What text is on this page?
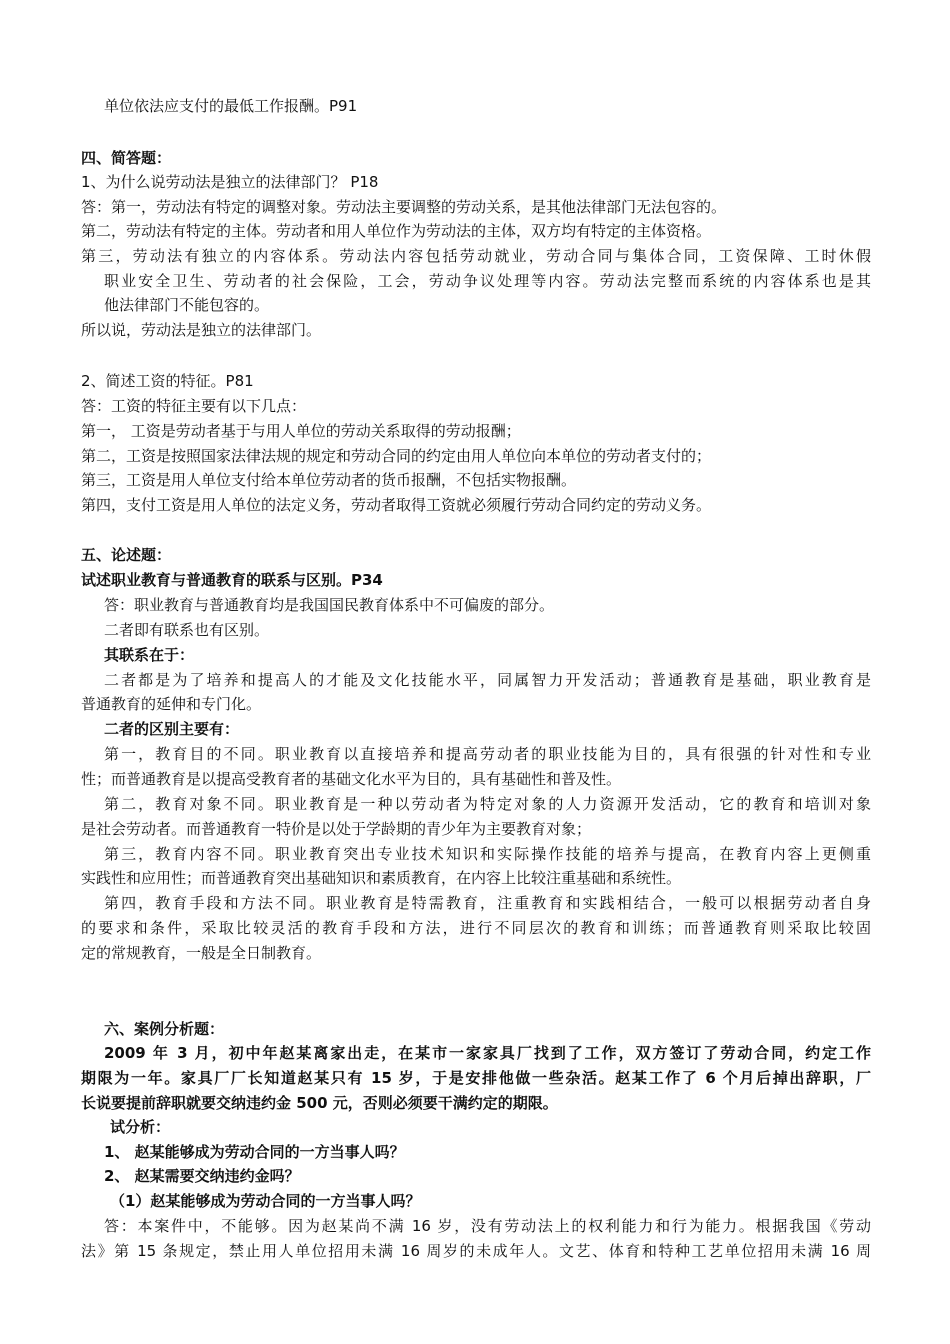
单位依法应支付的最低工作报酬。P91
四、简答题：
1、为什么说劳动法是独立的法律部门？ P18
答：第一，劳动法有特定的调整对象。劳动法主要调整的劳动关系，是其他法律部门无法包容的。
第二，劳动法有特定的主体。劳动者和用人单位作为劳动法的主体，双方均有特定的主体资格。
第三，劳动法有独立的内容体系。劳动法内容包括劳动就业，劳动合同与集体合同，工资保障、工时休假
职业安全卫生、劳动者的社会保险，工会，劳动争议处理等内容。劳动法完整而系统的内容体系也是其
他法律部门不能包容的。
所以说，劳动法是独立的法律部门。
2、简述工资的特征。P81
答：工资的特征主要有以下几点：
第一， 工资是劳动者基于与用人单位的劳动关系取得的劳动报酬；
第二，工资是按照国家法律法规的规定和劳动合同的约定由用人单位向本单位的劳动者支付的；
第三，工资是用人单位支付给本单位劳动者的货币报酬，不包括实物报酬。
第四，支付工资是用人单位的法定义务，劳动者取得工资就必须履行劳动合同约定的劳动义务。
五、论述题：
试述职业教育与普通教育的联系与区别。P34
答：职业教育与普通教育均是我国国民教育体系中不可偏废的部分。
二者即有联系也有区别。
其联系在于：
二者都是为了培养和提高人的才能及文化技能水平，同属智力开发活动；普通教育是基础，职业教育是
普通教育的延伸和专门化。
二者的区别主要有：
第一，教育目的不同。职业教育以直接培养和提高劳动者的职业技能为目的，具有很强的针对性和专业
性；而普通教育是以提高受教育者的基础文化水平为目的，具有基础性和普及性。
第二，教育对象不同。职业教育是一种以劳动者为特定对象的人力资源开发活动，它的教育和培训对象
是社会劳动者。而普通教育一特价是以处于学龄期的青少年为主要教育对象；
第三，教育内容不同。职业教育突出专业技术知识和实际操作技能的培养与提高，在教育内容上更侧重
实践性和应用性；而普通教育突出基础知识和素质教育，在内容上比较注重基础和系统性。
第四，教育手段和方法不同。职业教育是特需教育，注重教育和实践相结合，一般可以根据劳动者自身
的要求和条件，采取比较灵活的教育手段和方法，进行不同层次的教育和训练；而普通教育则采取比较固
定的常规教育，一般是全日制教育。
六、案例分析题：
2009 年 3 月，初中年赵某离家出走，在某市一家家具厂找到了工作，双方签订了劳动合同，约定工作
期限为一年。家具厂厂长知道赵某只有 15 岁，于是安排他做一些杂活。赵某工作了 6 个月后掉出辞职，厂
长说要提前辞职就要交纳违约金 500 元，否则必须要干满约定的期限。
试分析：
1、 赵某能够成为劳动合同的一方当事人吗？
2、 赵某需要交纳违约金吗？
（1）赵某能够成为劳动合同的一方当事人吗？
答：本案件中，不能够。因为赵某尚不满 16 岁，没有劳动法上的权利能力和行为能力。根据我国《劳动
法》第 15 条规定，禁止用人单位招用未满 16 周岁的未成年人。文艺、体育和特种工艺单位招用未满 16 周
